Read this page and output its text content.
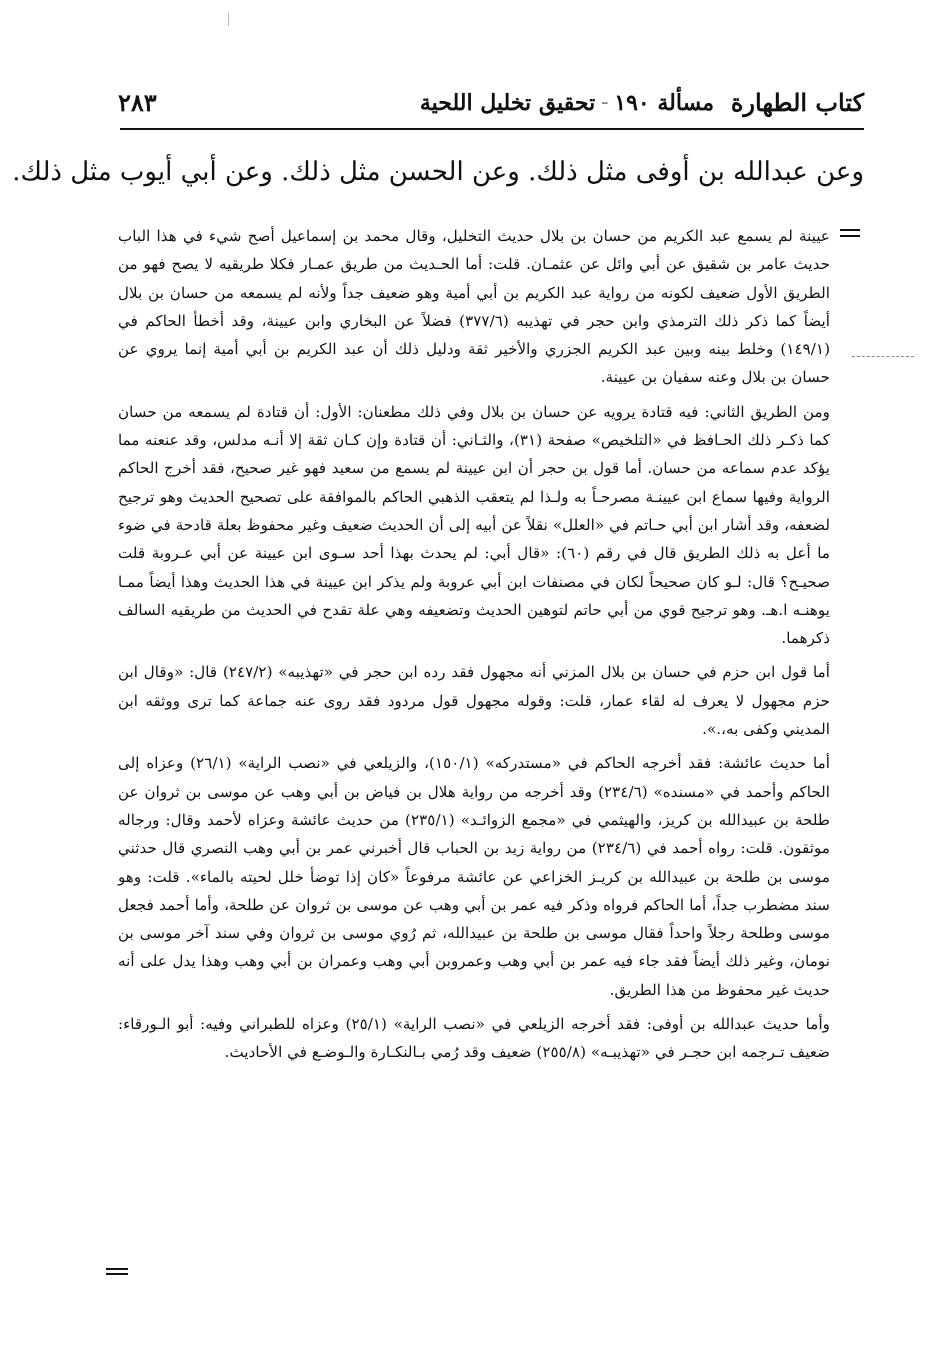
كتاب الطهارة
مسألة ١٩٠–تحقيق تخليل اللحية
٢٨٣
وعن عبدالله بن أوفى مثل ذلك. وعن الحسن مثل ذلك. وعن أبي أيوب مثل ذلك.

عيينة لم يسمع عبد الكريم من حسان بن بلال حديث التخليل، وقال محمد بن إسماعيل أصح شيء في هذا الباب حديث عامر بن شقيق عن أبي وائل عن عثمـان. قلت: أما الحـديث من طريق عمـار فكلا طريقيه لا يصح فهو من الطريق الأول ضعيف لكونه من رواية عبد الكريم بن أبي أمية وهو ضعيف جداً ولأنه لم يسمعه من حسان بن بلال أيضاً كما ذكر ذلك الترمذي وابن حجر في تهذيبه (٣٧٧/٦) فضلاً عن البخاري وابن عيينة، وقد أخطأ الحاكم في (١٤٩/١) وخلط بينه وبين عبد الكريم الجزري والأخير ثقة ودليل ذلك أن عبد الكريم بن أبي أمية إنما يروي عن حسان بن بلال وعنه سفيان بن عيينة.

ومن الطريق الثاني: فيه قتادة يرويه عن حسان بن بلال وفي ذلك مطعنان: الأول: أن قتادة لم يسمعه من حسان كما ذكـر ذلك الحـافظ في «التلخيص» صفحة (٣١)، والثـاني: أن قتادة وإن كـان ثقة إلا أنـه مدلس، وقد عنعنه مما يؤكد عدم سماعه من حسان. أما قول بن حجر أن ابن عيينة لم يسمع من سعيد فهو غير صحيح، فقد أخرج الحاكم الرواية وفيها سماع ابن عيينـة مصرحـاً به ولـذا لم يتعقب الذهبي الحاكم بالموافقة على تصحيح الحديث وهو ترجيح لضعفه، وقد أشار ابن أبي حـاتم في «العلل» نقلاً عن أبيه إلى أن الحديث ضعيف وغير محفوظ بعلة قادحة في ضوء ما أعل به ذلك الطريق قال في رقم (٦٠): «قال أبي: لم يحدث بهذا أحد سـوى ابن عيينة عن أبي عـروبة قلت صحيـح؟ قال: لـو كان صحيحاً لكان في مصنفات ابن أبي عروبة ولم يذكر ابن عيينة في هذا الحديث وهذا أيضاً ممـا يوهنـه ا.هـ. وهو ترجيح قوي من أبي حاتم لتوهين الحديث وتضعيفه وهي علة تقدح في الحديث من طريقيه السالف ذكرهما.

أما قول ابن حزم في حسان بن بلال المزني أنه مجهول فقد رده ابن حجر في «تهذيبه» (٢٤٧/٢) قال: «وقال ابن حزم مجهول لا يعرف له لقاء عمار، قلت: وقوله مجهول قول مردود فقد روى عنه جماعة كما ترى ووثقه ابن المديني وكفى به،.».

أما حديث عائشة: فقد أخرجه الحاكم في «مستدركه» (١٥٠/١)، والزيلعي في «نصب الراية» (٢٦/١) وعزاه إلى الحاكم وأحمد في «مسنده» (٢٣٤/٦) وقد أخرجه من رواية هلال بن فياض بن أبي وهب عن موسى بن ثروان عن طلحة بن عبيدالله بن كريز، والهيثمي في «مجمع الزوائـد» (٢٣٥/١) من حديث عائشة وعزاه لأحمد وقال: ورجاله موثقون. قلت: رواه أحمد في (٢٣٤/٦) من رواية زيد بن الحباب قال أخبرني عمر بن أبي وهب النصري قال حدثني موسى بن طلحة بن عبيدالله بن كريـز الخزاعي عن عائشة مرفوعاً «كان إذا توضأ خلل لحيته بالماء». قلت: وهو سند مضطرب جداً، أما الحاكم فرواه وذكر فيه عمر بن أبي وهب عن موسى بن ثروان عن طلحة، وأما أحمد فجعل موسى وطلحة رجلاً واحداً فقال موسى بن طلحة بن عبيدالله، ثم رُوي موسى بن ثروان وفي سند آخر موسى بن نومان، وغير ذلك أيضاً فقد جاء فيه عمر بن أبي وهب وعمروبن أبي وهب وعمران بن أبي وهب وهذا يدل على أنه حديث غير محفوظ من هذا الطريق.

وأما حديث عبدالله بن أوفى: فقد أخرجه الزيلعي في «نصب الراية» (٢٥/١) وعزاه للطبراني وفيه: أبو الـورقاء: ضعيف تـرجمه ابن حجـر في «تهذيبـه» (٢٥٥/٨) ضعيف وقد رُمي بـالنكـارة والـوضـع في الأحاديث.
